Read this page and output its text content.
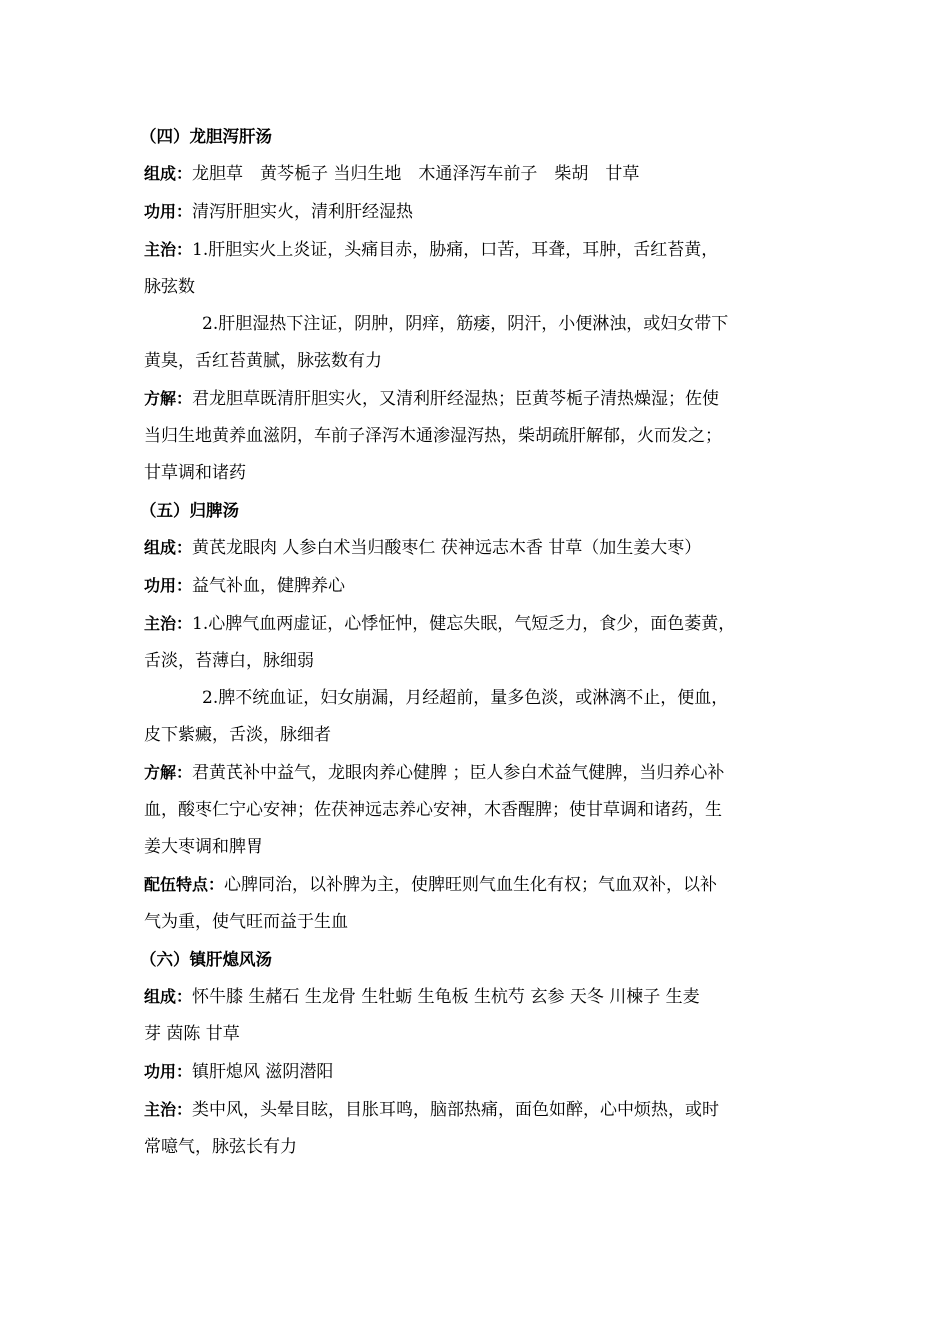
（四）龙胆泻肝汤

组成：龙胆草　黄芩栀子 当归生地　木通泽泻车前子　柴胡　甘草

功用：清泻肝胆实火，清利肝经湿热

主治：1.肝胆实火上炎证，头痛目赤，胁痛，口苦，耳聋，耳肿，舌红苔黄，

脉弦数

2.肝胆湿热下注证，阴肿，阴痒，筋痿，阴汗，小便淋浊，或妇女带下

黄臭，舌红苔黄腻，脉弦数有力

方解：君龙胆草既清肝胆实火，又清利肝经湿热；臣黄芩栀子清热燥湿；佐使

当归生地黄养血滋阴，车前子泽泻木通渗湿泻热，柴胡疏肝解郁，火而发之；

甘草调和诸药

（五）归脾汤

组成：黄芪龙眼肉 人参白术当归酸枣仁 茯神远志木香 甘草（加生姜大枣）

功用：益气补血，健脾养心

主治：1.心脾气血两虚证，心悸怔忡，健忘失眠，气短乏力，食少，面色萎黄，

舌淡，苔薄白，脉细弱

2.脾不统血证，妇女崩漏，月经超前，量多色淡，或淋漓不止，便血，

皮下紫癜，舌淡，脉细者

方解：君黄芪补中益气，龙眼肉养心健脾 ；臣人参白术益气健脾，当归养心补

血，酸枣仁宁心安神；佐茯神远志养心安神，木香醒脾；使甘草调和诸药，生

姜大枣调和脾胃

配伍特点：心脾同治，以补脾为主，使脾旺则气血生化有权；气血双补，以补

气为重，使气旺而益于生血

（六）镇肝熄风汤

组成：怀牛膝 生赭石 生龙骨 生牡蛎 生龟板 生杭芍 玄参 天冬 川楝子 生麦

芽 茵陈 甘草

功用：镇肝熄风 滋阴潜阳

主治：类中风，头晕目眩，目胀耳鸣，脑部热痛，面色如醉，心中烦热，或时

常噫气，脉弦长有力
